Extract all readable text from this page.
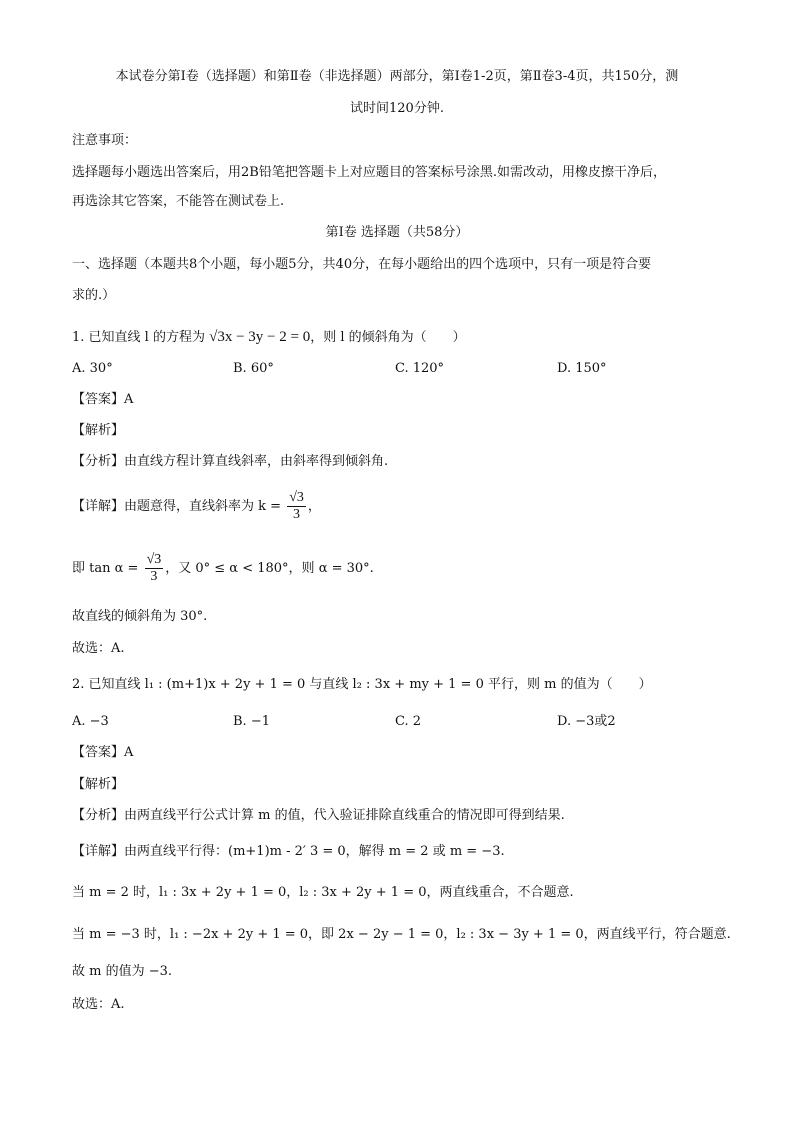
本试卷分第Ⅰ卷（选择题）和第Ⅱ卷（非选择题）两部分，第Ⅰ卷1-2页，第Ⅱ卷3-4页，共150分，测
试时间120分钟.
注意事项：
选择题每小题选出答案后，用2B铅笔把答题卡上对应题目的答案标号涂黑.如需改动，用橡皮擦干净后，
再选涂其它答案，不能答在测试卷上.
第Ⅰ卷 选择题（共58分）
一、选择题（本题共8个小题，每小题5分，共40分，在每小题给出的四个选项中，只有一项是符合要
求的.）
1. 已知直线 l 的方程为 √3x − 3y − 2 = 0，则 l 的倾斜角为（　　）
A. 30°	B. 60°	C. 120°	D. 150°
【答案】A
【解析】
【分析】由直线方程计算直线斜率，由斜率得到倾斜角.
【详解】由题意得，直线斜率为 $k = \frac{√3}{3}$ ，
即 $\tan \alpha = \frac{√3}{3}$ ，又 0° ≤ α < 180°，则 α = 30°.
故直线的倾斜角为 30°.
故选：A.
2. 已知直线 l₁ : (m+1)x + 2y + 1 = 0 与直线 l₂ : 3x + my + 1 = 0 平行，则 m 的值为（　　）
A. −3	B. −1	C. 2	D. −3或2
【答案】A
【解析】
【分析】由两直线平行公式计算 m 的值，代入验证排除直线重合的情况即可得到结果.
【详解】由两直线平行得：(m+1)m - 2′ 3 = 0，解得 m = 2 或 m = −3.
当 m = 2 时，l₁ : 3x + 2y + 1 = 0，l₂ : 3x + 2y + 1 = 0，两直线重合，不合题意.
当 m = −3 时，l₁ : −2x + 2y + 1 = 0，即 2x − 2y − 1 = 0，l₂ : 3x − 3y + 1 = 0，两直线平行，符合题意.
故 m 的值为 −3.
故选：A.
